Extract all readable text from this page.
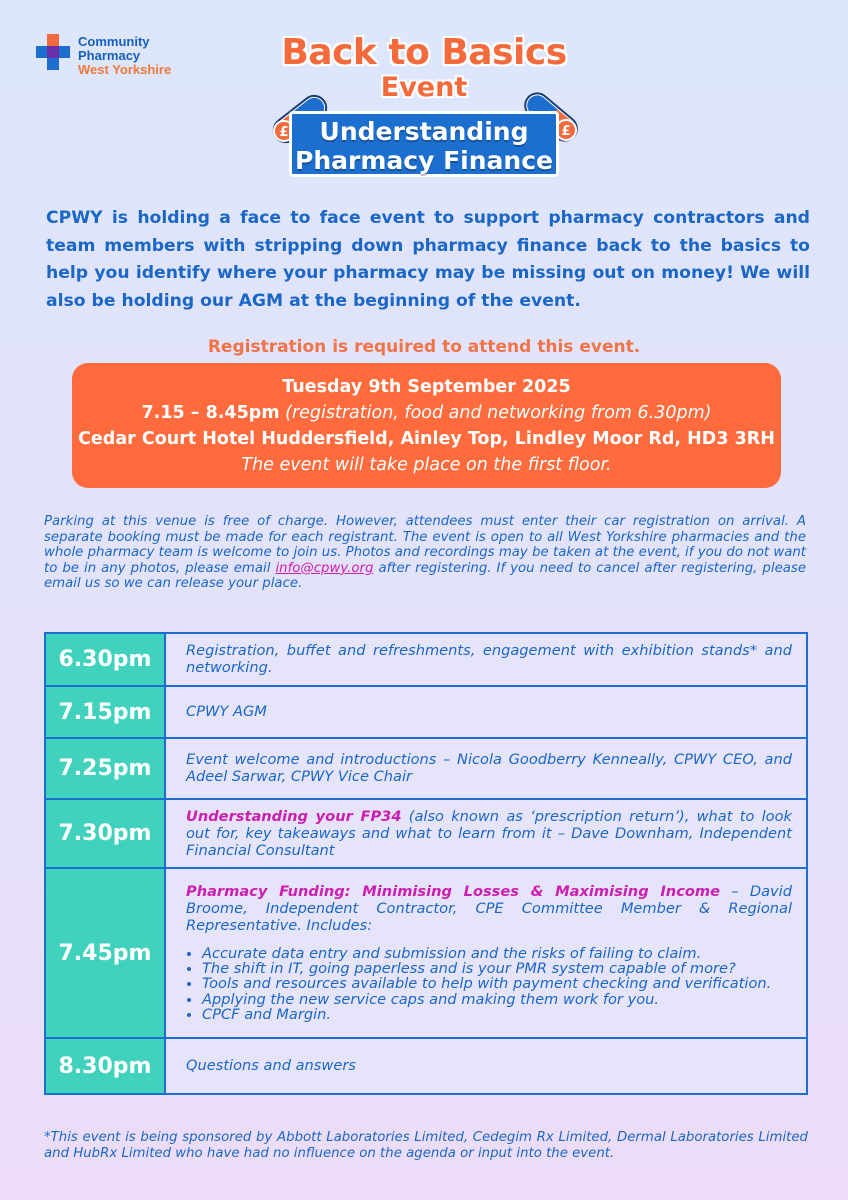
Community
Pharmacy
West Yorkshire	Back to Basics
Event
£	£
Understanding
Pharmacy Finance

CPWY is holding a face to face event to support pharmacy contractors and team members with stripping down pharmacy finance back to the basics to help you identify where your pharmacy may be missing out on money! We will also be holding our AGM at the beginning of the event.

Registration is required to attend this event.
Tuesday 9th September 2025
7.15 – 8.45pm (registration, food and networking from 6.30pm)
Cedar Court Hotel Huddersfield, Ainley Top, Lindley Moor Rd, HD3 3RH
The event will take place on the first floor.

Parking at this venue is free of charge. However, attendees must enter their car registration on arrival. A separate booking must be made for each registrant. The event is open to all West Yorkshire pharmacies and the whole pharmacy team is welcome to join us. Photos and recordings may be taken at the event, if you do not want to be in any photos, please email info@cpwy.org after registering. If you need to cancel after registering, please email us so we can release your place.

6.30pm	Registration, buffet and refreshments, engagement with exhibition stands* and networking.
7.15pm	CPWY AGM
7.25pm	Event welcome and introductions – Nicola Goodberry Kenneally, CPWY CEO, and Adeel Sarwar, CPWY Vice Chair
7.30pm
Understanding your FP34 (also known as ‘prescription return’), what to look out for, key takeaways and what to learn from it – Dave Downham, Independent Financial Consultant
7.45pm
Pharmacy Funding: Minimising Losses & Maximising Income – David Broome, Independent Contractor, CPE Committee Member & Regional Representative. Includes:
• Accurate data entry and submission and the risks of failing to claim.
• The shift in IT, going paperless and is your PMR system capable of more?
• Tools and resources available to help with payment checking and verification.
• Applying the new service caps and making them work for you.
• CPCF and Margin.
8.30pm	Questions and answers

*This event is being sponsored by Abbott Laboratories Limited, Cedegim Rx Limited, Dermal Laboratories Limited and HubRx Limited who have had no influence on the agenda or input into the event.
